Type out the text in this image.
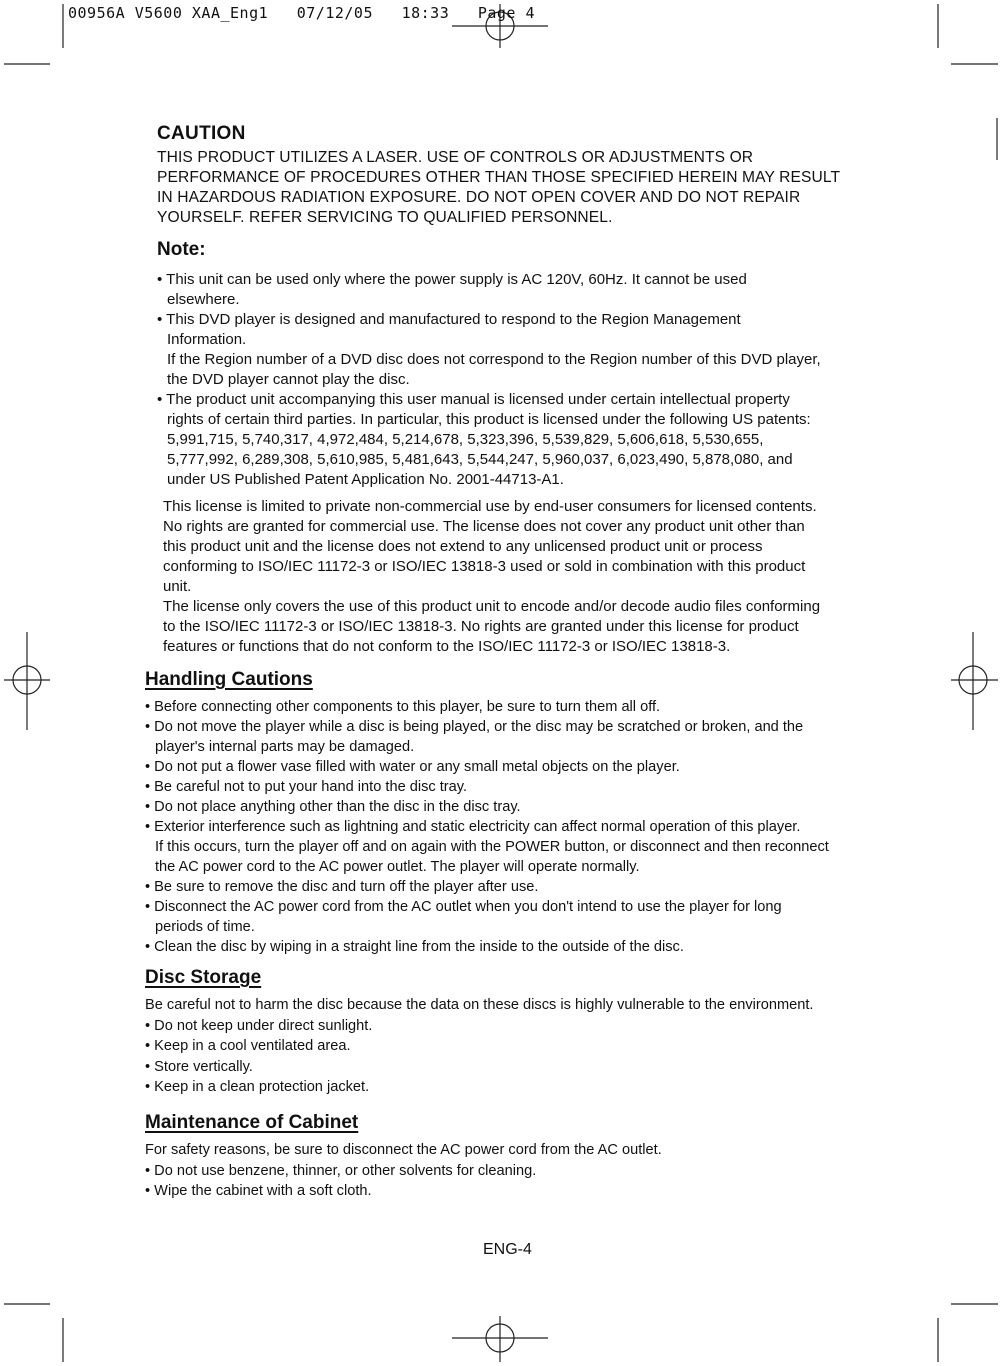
00956A V5600 XAA_Eng1   07/12/05   18:33   Page 4
CAUTION
THIS PRODUCT UTILIZES A LASER. USE OF CONTROLS OR ADJUSTMENTS OR
PERFORMANCE OF PROCEDURES OTHER THAN THOSE SPECIFIED HEREIN MAY RESULT
IN HAZARDOUS RADIATION EXPOSURE. DO NOT OPEN COVER AND DO NOT REPAIR
YOURSELF. REFER SERVICING TO QUALIFIED PERSONNEL.
Note:

• This unit can be used only where the power supply is AC 120V, 60Hz. It cannot be used
elsewhere.

• This DVD player is designed and manufactured to respond to the Region Management
Information.
If the Region number of a DVD disc does not correspond to the Region number of this DVD player,
the DVD player cannot play the disc.

• The product unit accompanying this user manual is licensed under certain intellectual property
rights of certain third parties. In particular, this product is licensed under the following US patents:
5,991,715, 5,740,317, 4,972,484, 5,214,678, 5,323,396, 5,539,829, 5,606,618, 5,530,655,
5,777,992, 6,289,308, 5,610,985, 5,481,643, 5,544,247, 5,960,037, 6,023,490, 5,878,080, and
under US Published Patent Application No. 2001-44713-A1.

This license is limited to private non-commercial use by end-user consumers for licensed contents.

No rights are granted for commercial use. The license does not cover any product unit other than

this product unit and the license does not extend to any unlicensed product unit or process

conforming to ISO/IEC 11172-3 or ISO/IEC 13818-3 used or sold in combination with this product

unit.

The license only covers the use of this product unit to encode and/or decode audio files conforming

to the ISO/IEC 11172-3 or ISO/IEC 13818-3. No rights are granted under this license for product

features or functions that do not conform to the ISO/IEC 11172-3 or ISO/IEC 13818-3.

Handling Cautions

• Before connecting other components to this player, be sure to turn them all off.

• Do not move the player while a disc is being played, or the disc may be scratched or broken, and the
player's internal parts may be damaged.

• Do not put a flower vase filled with water or any small metal objects on the player.

• Be careful not to put your hand into the disc tray.

• Do not place anything other than the disc in the disc tray.

• Exterior interference such as lightning and static electricity can affect normal operation of this player.
If this occurs, turn the player off and on again with the POWER button, or disconnect and then reconnect
the AC power cord to the AC power outlet. The player will operate normally.

• Be sure to remove the disc and turn off the player after use.

• Disconnect the AC power cord from the AC outlet when you don't intend to use the player for long
periods of time.

• Clean the disc by wiping in a straight line from the inside to the outside of the disc.

Disc Storage

Be careful not to harm the disc because the data on these discs is highly vulnerable to the environment.

• Do not keep under direct sunlight.

• Keep in a cool ventilated area.

• Store vertically.

• Keep in a clean protection jacket.

Maintenance of Cabinet

For safety reasons, be sure to disconnect the AC power cord from the AC outlet.

• Do not use benzene, thinner, or other solvents for cleaning.

• Wipe the cabinet with a soft cloth.

ENG-4
